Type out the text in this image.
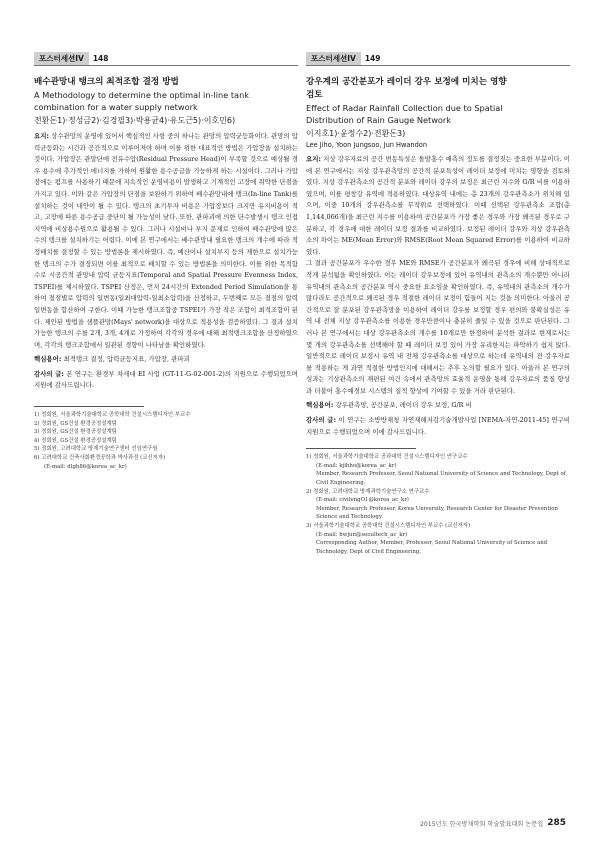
포스터세션IV	148
배수관망내 탱크의 최적조합 결정 방법
A Methodology to determine the optimal in-line tank
combination for a water supply network
전환돈1)·정성금2)·김경필3)·박용균4)·유도근5)·이호민6)

요지: 상수관망의 운영에 있어서 핵심적인 사항 중의 하나는 관망의 압력균등화이다. 관망의 압력균등화는 시간과 공간적으로 이루어져야 하며 이를 위한 대표적인 방법은 가압장을 설치하는 것이다. 가압장은 관말단에 전유수압(Residual Pressure Head)이 부족할 것으로 예상될 경우 용수에 추가적인 에너지를 가하여 원활한 용수공급을 가능하게 하는 시설이다. 그러나 가압장에는 펌프를 사용하기 때문에 지속적인 운영비용이 발생하고 기계적인 고장에 취약한 단점을 가지고 있다. 이와 같은 가압장의 단점을 보완하기 위하여 배수관망내에 탱크(In-line Tank)를 설치하는 것이 대안이 될 수 있다. 탱크의 초기투자 비용은 가압장보다 크지만 유지비용이 적고, 고장에 따른 용수공급 중단이 될 가능성이 낮다. 또한, 관파괴에 의한 단수발생시 탱크 인접지역에 비상용수원으로 활용될 수 있다. 그러나 시설비나 부지 문제로 인하여 배수관망에 많은 수의 탱크를 설치하기는 어렵다. 이에 본 연구에서는 배수관망내 필요한 탱크의 개수에 따라 적정배치를 결정할 수 있는 방법론을 제시하였다. 즉, 예산이나 설치부지 등의 제한으로 설치가능한 탱크의 수가 결정되면 이를 최적으로 배치할 수 있는 방법론을 의미한다. 이를 위한 목적함수로 시공간적 관망내 압력 균등지표(Temporal and Spatial Pressure Evenness Index, TSPEI)를 제시하였다. TSPEI 산정은, 먼저 24시간의 Extended Period Simulation을 통하여 절점별로 압력의 일변동(일최대압력-일최소압력)을 산정하고, 두번째로 모든 절점의 압력 일변동을 합산하여 구한다. 이때 가능한 탱크조합중 TSPEI가 가장 작은 조합이 최적조합이 된다. 제안된 방법을 샘플관망(Mays' network)을 대상으로 적용성을 검증하였다. 그 결과 설치 가능한 탱크의 수를 2개, 3개, 4개로 가정하여 각각의 경우에 대해 최적탱크조합을 산정하였으며, 각각의 탱크조합에서 일관된 경향이 나타남을 확인하였다.

핵심용어: 최적탱크 결정, 압력균등지표, 가압장, 관파괴

감사의 글: 본 연구는 환경부 차세대 EI 사업 (GT-11-G-02-001-2)의 지원으로 수행되었으며 지원에 감사드립니다.

1) 정회원, 서울과학기술대학교 공학대학 건설시스템디자인 부교수
2) 정회원, GS건설 환경공정설계팀
3) 정회원, GS건설 환경공정설계팀
4) 정회원, GS건설 환경공정설계팀
5) 정회원, 고려대학교 방재기술연구센터 선임연구원
6) 고려대학교 건축사회환경공학과 박사과정 (교신저자)
(E-mail: dlgh86@korea_ac_kr)
포스터세션IV	149
강우계의 공간분포가 레이더 강우 보정에 미치는 영향
검토
Effect of Radar Rainfall Collection due to Spatial
Distribution of Rain Gauge Network
이지호1)·윤정수2)·전환돈3)
Lee Jiho, Yoon Jungsoo, Jun Hwandon

요지: 지상 강우자료의 공간 변동특성은 돌발홍수 예측의 정도를 결정짓는 중요한 부분이다. 이에 본 연구에서는 지상 강우관측망의 공간적 분포특성이 레이더 보정에 미치는 영향을 검토하였다. 지상 강우관측소의 공간적 분포와 레이더 강우의 보정은 최근린 지수와 G/R 비를 이용하였으며, 이를 평창강 유역에 적용하였다. 대상유역 내에는 총 23개의 강우관측소가 위치해 있으며, 이중 10개의 강우관측소를 무작위로 선택하였다. 이때 선택된 강우관측소 조합(총 1,144,066개)을 최근린 지수를 이용하여 공간분포가 가장 좋은 경우와 가장 왜곡된 경우로 구분하고, 각 경우에 대한 레이더 보정 결과를 비교하였다. 보정된 레이더 강우와 지상 강우관측소의 차이는 ME(Mean Error)와 RMSE(Root Mean Squared Error)를 이용하여 비교하였다.

그 결과 공간분포가 우수한 경우 ME와 RMSE가 공간분포가 왜곡된 경우에 비해 상대적으로 작게 분석됨을 확인하였다. 이는 레이더 강우보정에 있어 유역내의 관측소의 개수뿐만 아니라 유역내의 관측소의 공간분포 역시 중요한 요소임을 확인하였다. 즉, 유역내의 관측소의 개수가 많다라도 공간적으로 왜곡된 경우 적절한 레이더 보정이 힘들어 지는 것을 의미한다. 아울러 공간적으로 잘 분포된 강우관측망을 이용하여 레이더 강우를 보정할 경우 편의와 불확실성은 유역 내 전체 지상 강우관측소를 이용한 경우만큼이나 충분히 줄일 수 있을 것으로 판단된다. 그러나 본 연구에서는 대상 강우관측소의 개수를 10개로만 한정하여 분석한 결과로 현재로서는 몇 개의 강우관측소를 선택해야 할 때 레이더 보정 있어 가장 유리한지는 파악하기 쉽지 않다. 일반적으로 레이더 보정시 유역 내 전체 강우관측소를 대상으로 하는데 유역내의 전 강우자료를 적용하는 게 과연 적절한 방법인지에 대해서는 추후 논의할 필요가 있다. 아울러 본 연구의 성과는 기상관측소의 재편된 여건 속에서 관측망의 효율적 운영을 통해 강우자료의 품질 향상과 더불어 홍수예경보 시스템의 질적 향상에 기여할 수 있을 거라 판단된다.

핵심용어: 강우관측망, 공간분포, 레이더 강우 보정, G/R 비

감사의 글: 이 연구는 소방방재청 자연재해저감기술개발사업 [NEMA-자연-2011-45] 연구비 지원으로 수행되었으며 이에 감사드립니다.

1) 정회원, 서울과학기술대학교 공과대학 건설시스템디자인 연구교수
(E-mail: kjihho@korea_ac_kr)
Member, Research Professor, Seoul National University of Science and Technology, Dept of Civil Engineering.
2) 정회원, 고려대학교 방재과학기술연구소 연구교수
(E-mail: civilengO1@korea_ac_kr)
Member, Research Professor, Korea University, Research Center for Disaster Prevention Science and Technology.
3) 서울과학기술대학교 공학대학 건설시스템디자인 부교수 (교신저자)
(E-mail: hwjun@seoultech_ac_kr)
Corresponding Author, Member, Professor, Seoul National University of Science and Technology, Dept of Civil Engineering.
2015년도 한국방재학회 학술발표대회 논문집 285
